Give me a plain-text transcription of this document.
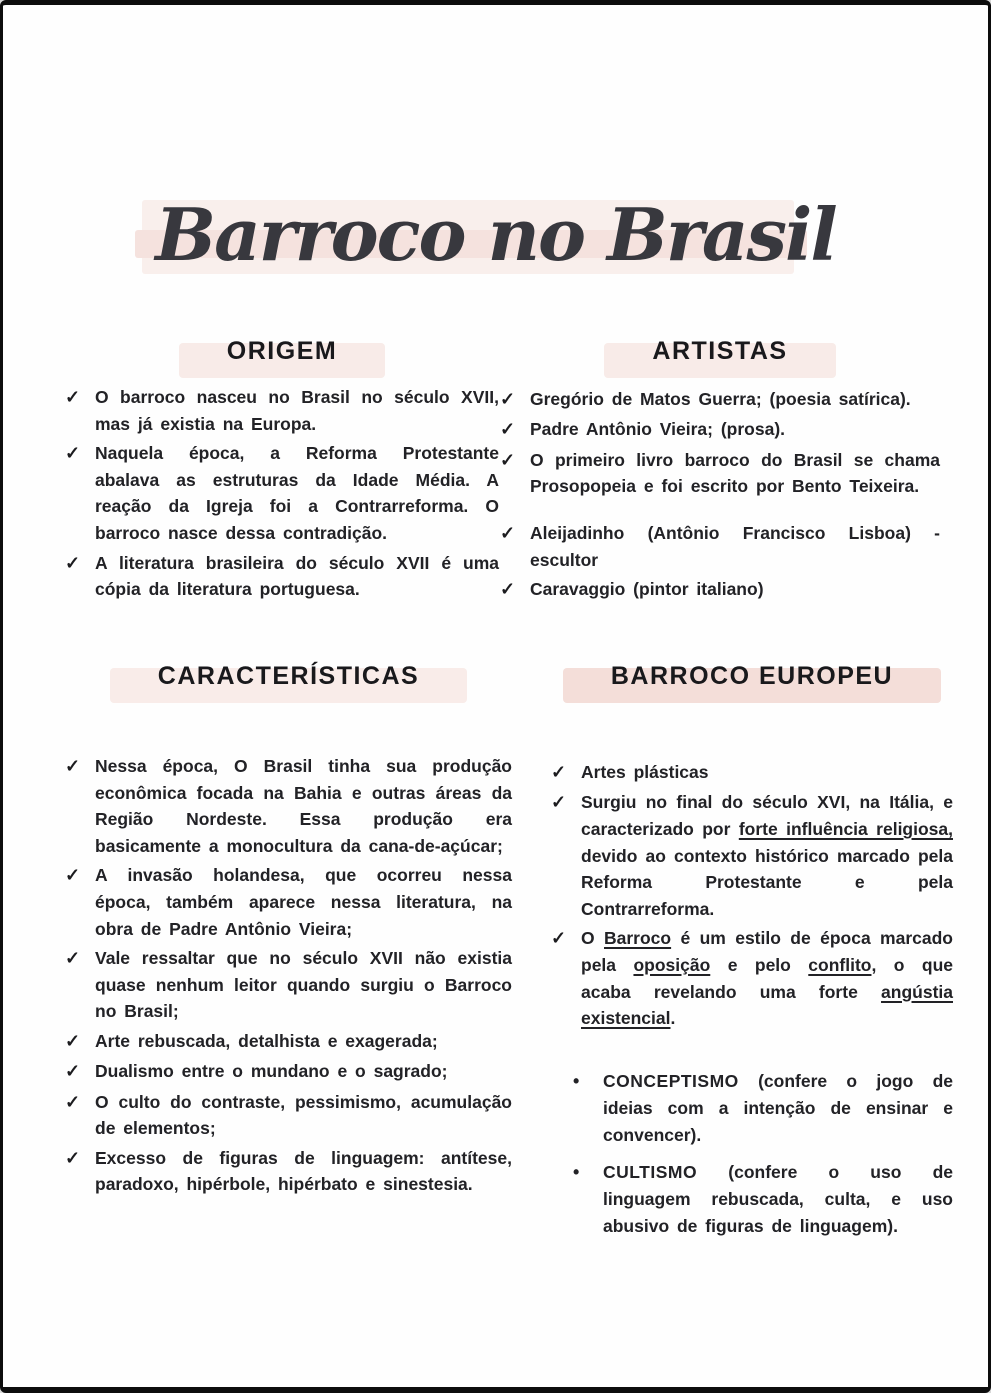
Barroco no Brasil
ORIGEM
✓ O barroco nasceu no Brasil no século XVII, mas já existia na Europa.
✓ Naquela época, a Reforma Protestante abalava as estruturas da Idade Média. A reação da Igreja foi a Contrarreforma. O barroco nasce dessa contradição.
✓ A literatura brasileira do século XVII é uma cópia da literatura portuguesa.
ARTISTAS
✓ Gregório de Matos Guerra; (poesia satírica).
✓ Padre Antônio Vieira; (prosa).
✓ O primeiro livro barroco do Brasil se chama Prosopopeia e foi escrito por Bento Teixeira.
✓ Aleijadinho (Antônio Francisco Lisboa) - escultor
✓ Caravaggio (pintor italiano)
CARACTERÍSTICAS
✓ Nessa época, O Brasil tinha sua produção econômica focada na Bahia e outras áreas da Região Nordeste. Essa produção era basicamente a monocultura da cana-de-açúcar;
✓ A invasão holandesa, que ocorreu nessa época, também aparece nessa literatura, na obra de Padre Antônio Vieira;
✓ Vale ressaltar que no século XVII não existia quase nenhum leitor quando surgiu o Barroco no Brasil;
✓ Arte rebuscada, detalhista e exagerada;
✓ Dualismo entre o mundano e o sagrado;
✓ O culto do contraste, pessimismo, acumulação de elementos;
✓ Excesso de figuras de linguagem: antítese, paradoxo, hipérbole, hipérbato e sinestesia.
BARROCO EUROPEU
✓ Artes plásticas
✓ Surgiu no final do século XVI, na Itália, e caracterizado por forte influência religiosa, devido ao contexto histórico marcado pela Reforma Protestante e pela Contrarreforma.
✓ O Barroco é um estilo de época marcado pela oposição e pelo conflito, o que acaba revelando uma forte angústia existencial.
•	CONCEPTISMO (confere o jogo de ideias com a intenção de ensinar e convencer).
•	CULTISMO (confere o uso de linguagem rebuscada, culta, e uso abusivo de figuras de linguagem).
